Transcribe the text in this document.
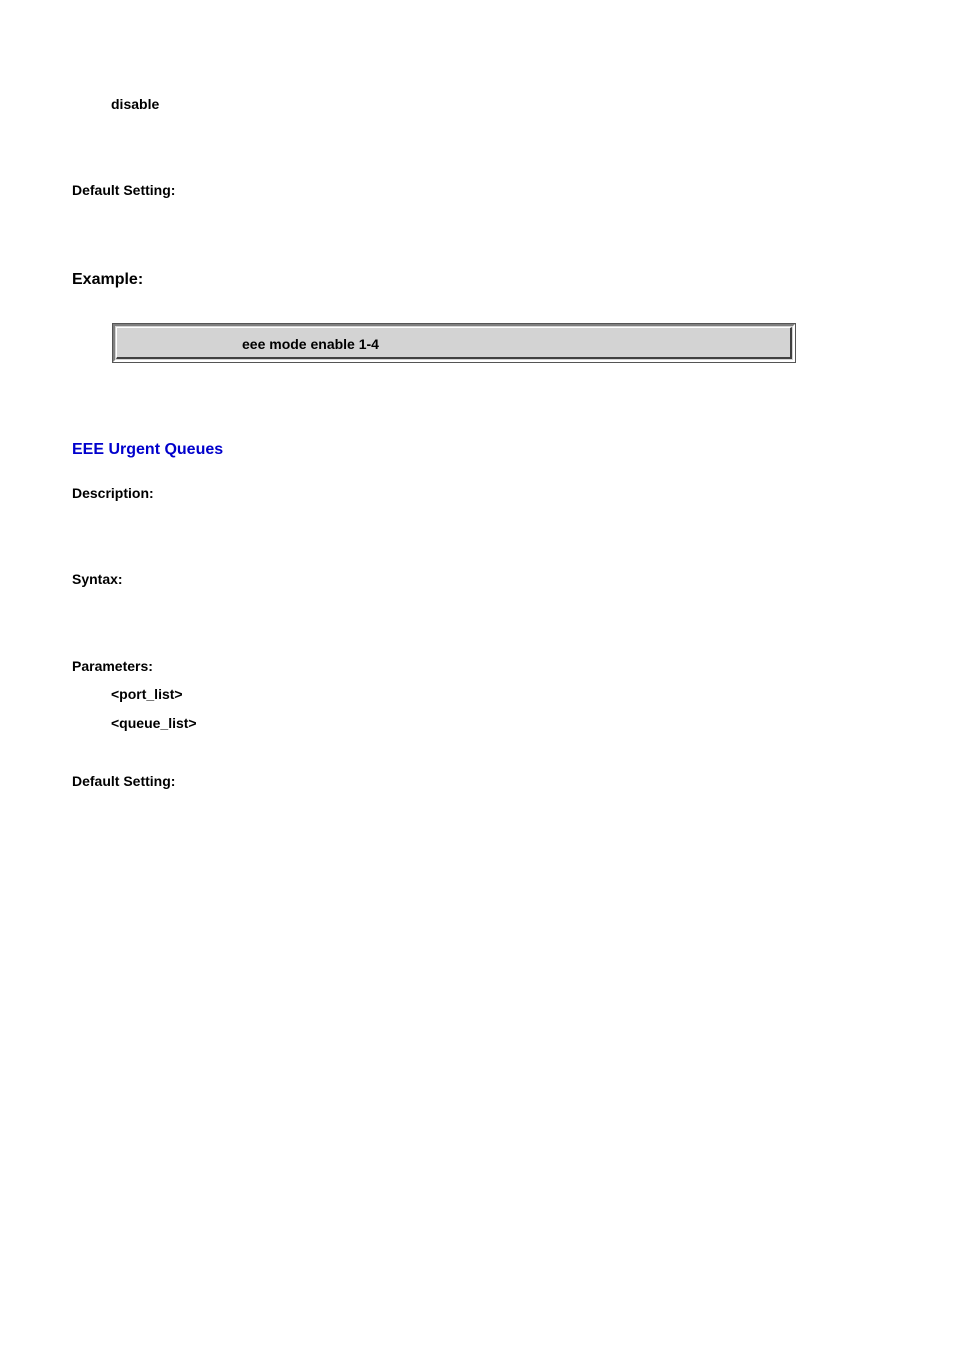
disable
Default Setting:
Example:
eee mode enable 1-4
EEE Urgent Queues
Description:
Syntax:
Parameters:
<port_list>
<queue_list>
Default Setting:
